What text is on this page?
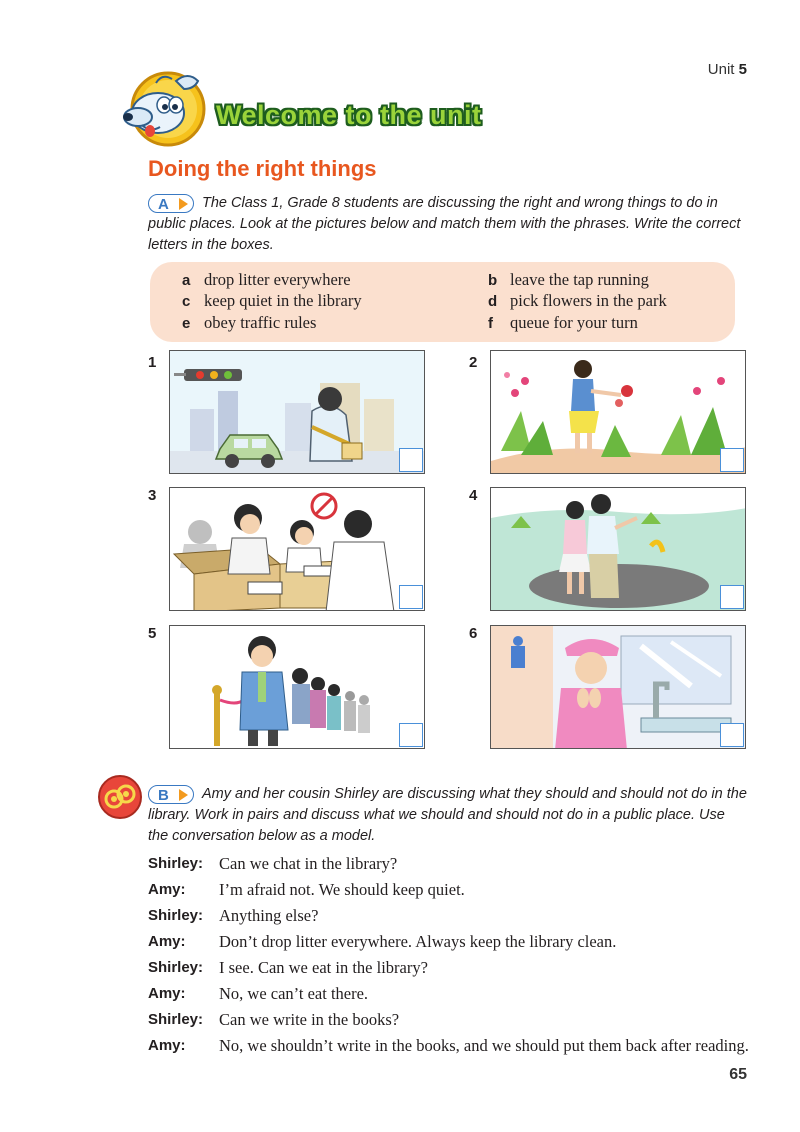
Unit 5
Welcome to the unit
Doing the right things
A The Class 1, Grade 8 students are discussing the right and wrong things to do in public places. Look at the pictures below and match them with the phrases. Write the correct letters in the boxes.
a drop litter everywhere	b leave the tap running
c keep quiet in the library	d pick flowers in the park
e obey traffic rules	f queue for your turn
1	2
3	4
5	6
B Amy and her cousin Shirley are discussing what they should and should not do in the library. Work in pairs and discuss what we should and should not do in a public place. Use the conversation below as a model.
Shirley: Can we chat in the library?
Amy: I’m afraid not. We should keep quiet.
Shirley: Anything else?
Amy: Don’t drop litter everywhere. Always keep the library clean.
Shirley: I see. Can we eat in the library?
Amy: No, we can’t eat there.
Shirley: Can we write in the books?
Amy: No, we shouldn’t write in the books, and we should put them back after reading.
65
